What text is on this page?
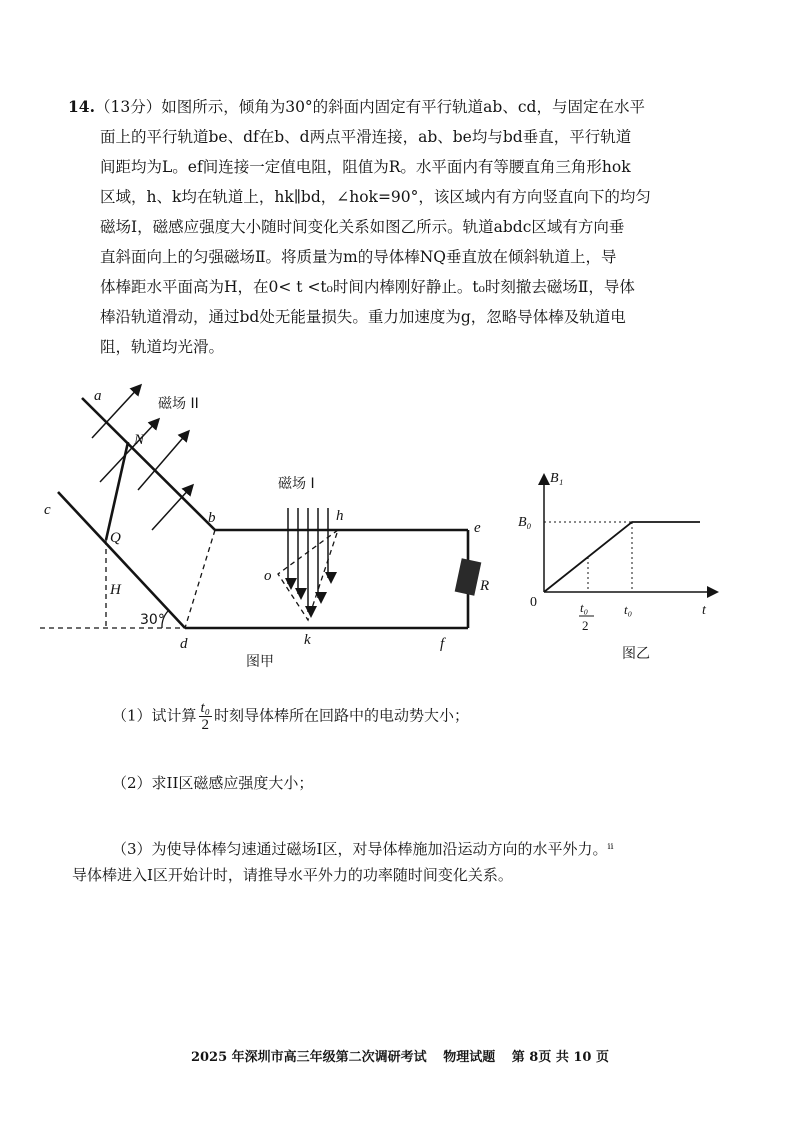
14.（13分）如图所示，倾角为30°的斜面内固定有平行轨道ab、cd，与固定在水平

面上的平行轨道be、df在b、d两点平滑连接，ab、be均与bd垂直，平行轨道

间距均为L。ef间连接一定值电阻，阻值为R。水平面内有等腰直角三角形hok

区域，h、k均在轨道上，hk∥bd，∠hok=90°，该区域内有方向竖直向下的均匀

磁场Ⅰ，磁感应强度大小随时间变化关系如图乙所示。轨道abdc区域有方向垂

直斜面向上的匀强磁场Ⅱ。将质量为m的导体棒NQ垂直放在倾斜轨道上，导

体棒距水平面高为H，在0< t <t₀时间内棒刚好静止。t₀时刻撤去磁场Ⅱ，导体

棒沿轨道滑动，通过bd处无能量损失。重力加速度为g，忽略导体棒及轨道电

阻，轨道均光滑。

a	磁场 II
N
c
Q
b
磁场 I
h
e
o
H	R
30°
d	k	f
图甲
B₁
B₀
0
t
t₀
2
t₀
图乙
（1）试计算 $\frac{\text{t₀}}{2}$ 时刻导体棒所在回路中的电动势大小；
（2）求II区磁感应强度大小；
（3）为使导体棒匀速通过磁场I区，对导体棒施加沿运动方向的水平外力。ⁱⁱ
导体棒进入I区开始计时，请推导水平外力的功率随时间变化关系。
2025 年深圳市高三年级第二次调研考试 物理试题 第 8页 共 10 页
